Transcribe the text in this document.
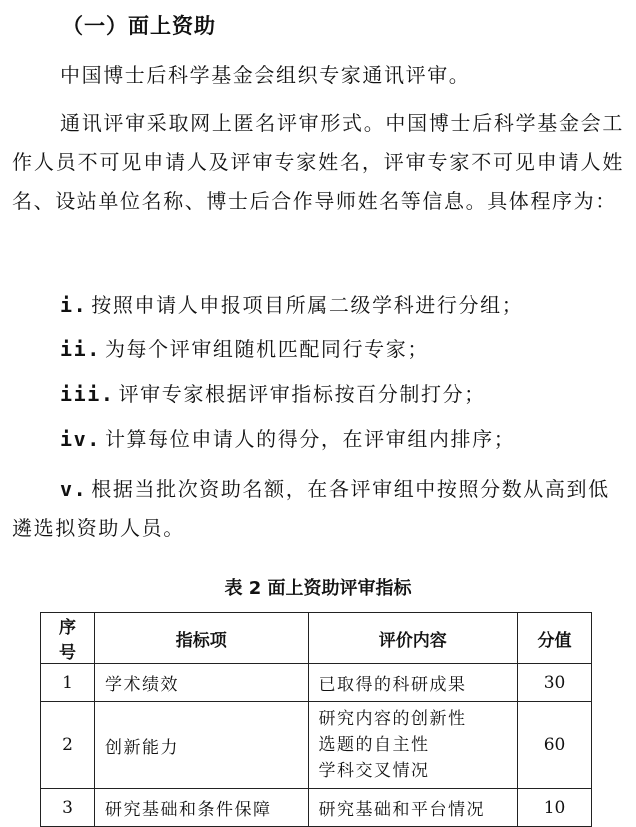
（一）面上资助

中国博士后科学基金会组织专家通讯评审。

通讯评审采取网上匿名评审形式。中国博士后科学基金会工作人员不可见申请人及评审专家姓名，评审专家不可见申请人姓名、设站单位名称、博士后合作导师姓名等信息。具体程序为：

i. 按照申请人申报项目所属二级学科进行分组；
ii. 为每个评审组随机匹配同行专家；
iii. 评审专家根据评审指标按百分制打分；
iv. 计算每位申请人的得分，在评审组内排序；

v. 根据当批次资助名额，在各评审组中按照分数从高到低遴选拟资助人员。

表 2 面上资助评审指标
序号	指标项	评价内容	分值
1	学术绩效	已取得的科研成果	30
2	创新能力	研究内容的创新性
选题的自主性
学科交叉情况	60
3	研究基础和条件保障	研究基础和平台情况	10
